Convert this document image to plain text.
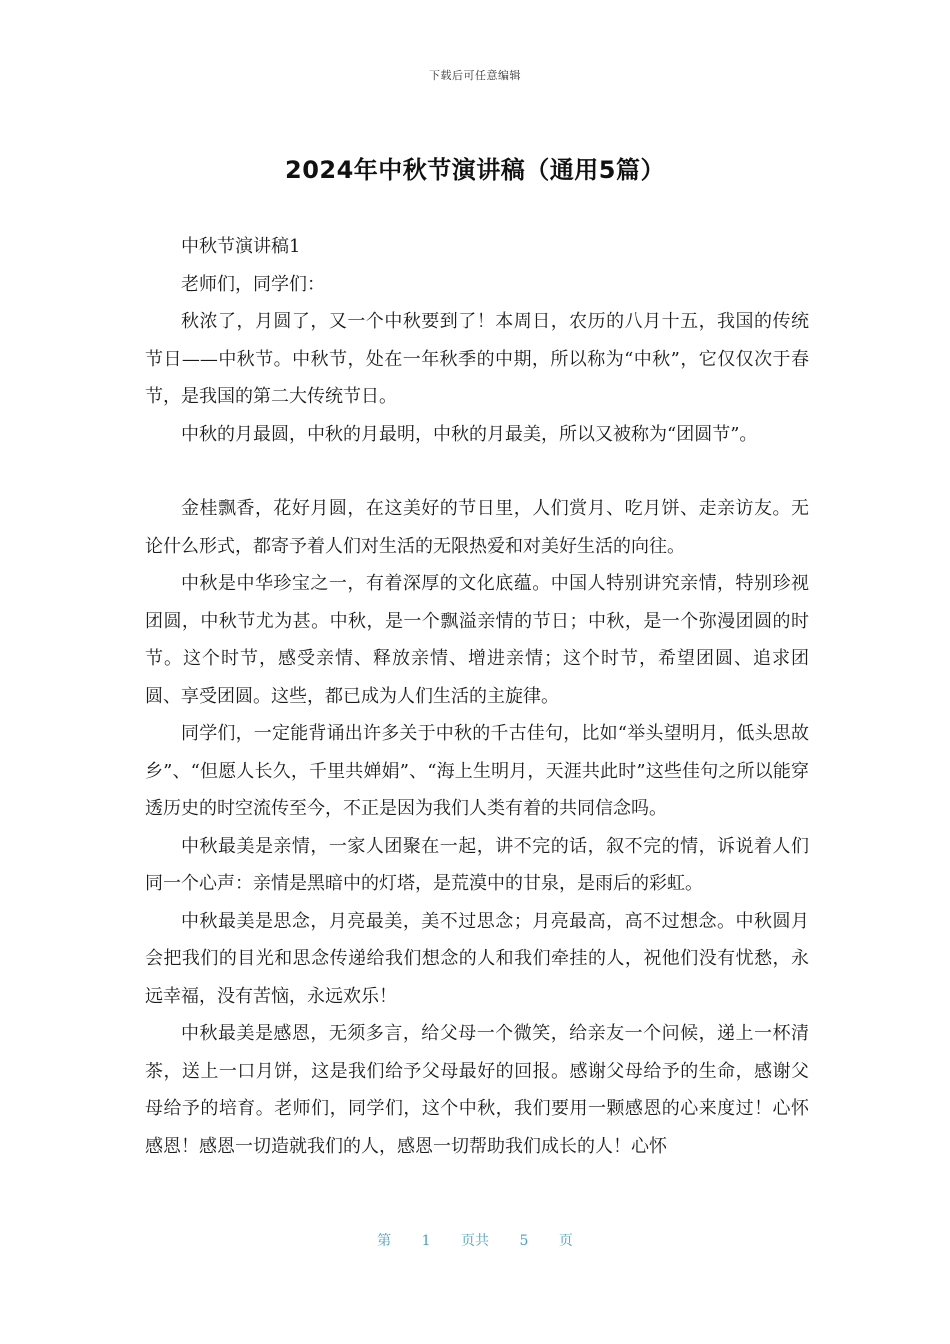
下载后可任意编辑
2024年中秋节演讲稿（通用5篇）

中秋节演讲稿1

老师们，同学们：

秋浓了，月圆了，又一个中秋要到了！本周日，农历的八月十五，我国的传统节日——中秋节。中秋节，处在一年秋季的中期，所以称为“中秋”，它仅仅次于春节，是我国的第二大传统节日。

中秋的月最圆，中秋的月最明，中秋的月最美，所以又被称为“团圆节”。

金桂飘香，花好月圆，在这美好的节日里，人们赏月、吃月饼、走亲访友。无论什么形式，都寄予着人们对生活的无限热爱和对美好生活的向往。

中秋是中华珍宝之一，有着深厚的文化底蕴。中国人特别讲究亲情，特别珍视团圆，中秋节尤为甚。中秋，是一个飘溢亲情的节日；中秋，是一个弥漫团圆的时节。这个时节，感受亲情、释放亲情、增进亲情；这个时节，希望团圆、追求团圆、享受团圆。这些，都已成为人们生活的主旋律。

同学们，一定能背诵出许多关于中秋的千古佳句，比如“举头望明月，低头思故乡”、“但愿人长久，千里共婵娟”、“海上生明月，天涯共此时”这些佳句之所以能穿透历史的时空流传至今，不正是因为我们人类有着的共同信念吗。

中秋最美是亲情，一家人团聚在一起，讲不完的话，叙不完的情，诉说着人们同一个心声：亲情是黑暗中的灯塔，是荒漠中的甘泉，是雨后的彩虹。

中秋最美是思念，月亮最美，美不过思念；月亮最高，高不过想念。中秋圆月会把我们的目光和思念传递给我们想念的人和我们牵挂的人，祝他们没有忧愁，永远幸福，没有苦恼，永远欢乐！

中秋最美是感恩，无须多言，给父母一个微笑，给亲友一个问候，递上一杯清茶，送上一口月饼，这是我们给予父母最好的回报。感谢父母给予的生命，感谢父母给予的培育。老师们，同学们，这个中秋，我们要用一颗感恩的心来度过！心怀感恩！感恩一切造就我们的人，感恩一切帮助我们成长的人！心怀

第 1 页共 5 页
